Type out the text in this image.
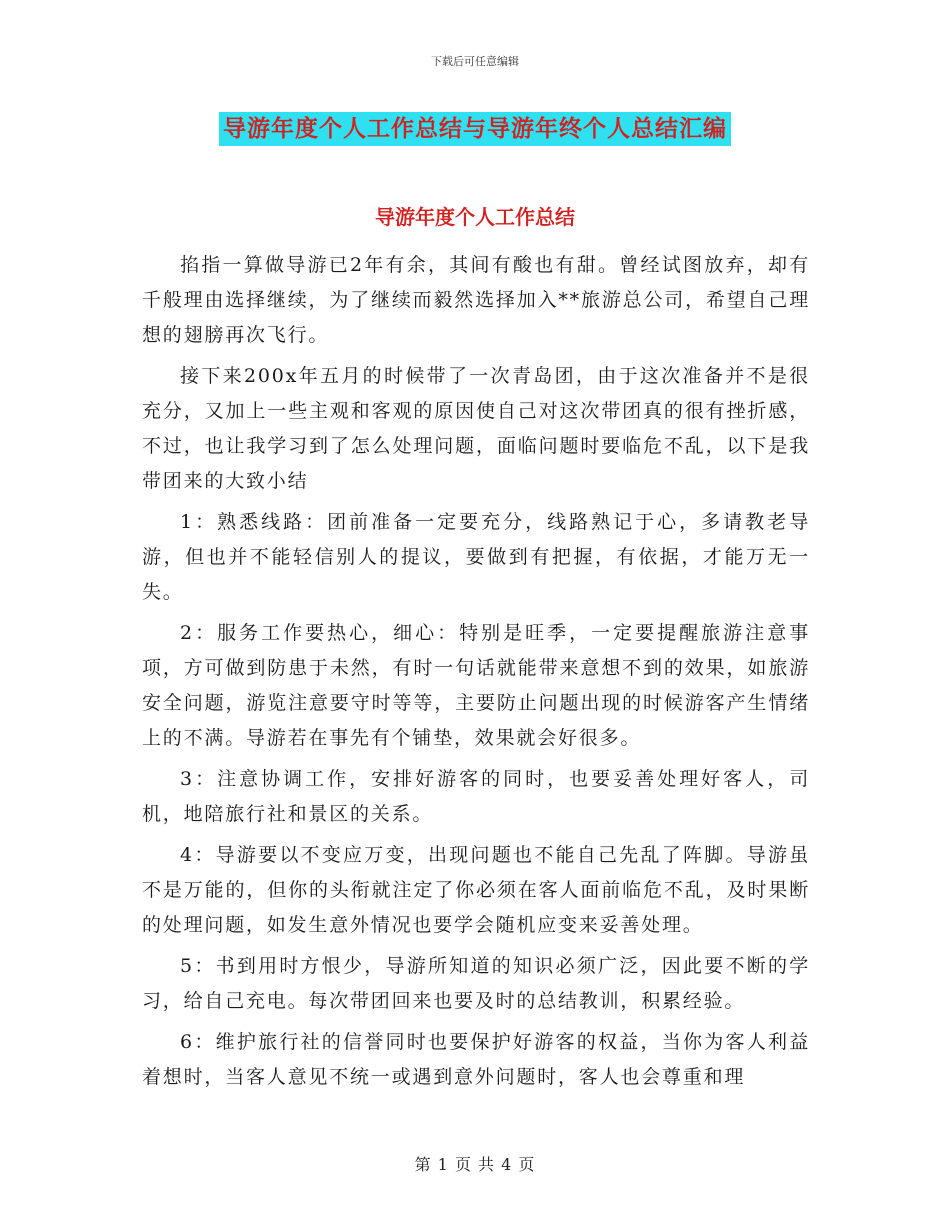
下载后可任意编辑
导游年度个人工作总结与导游年终个人总结汇编
导游年度个人工作总结

掐指一算做导游已2年有余，其间有酸也有甜。曾经试图放弃，却有千般理由选择继续，为了继续而毅然选择加入**旅游总公司，希望自己理想的翅膀再次飞行。

接下来200x年五月的时候带了一次青岛团，由于这次准备并不是很充分，又加上一些主观和客观的原因使自己对这次带团真的很有挫折感，不过，也让我学习到了怎么处理问题，面临问题时要临危不乱，以下是我带团来的大致小结

1：熟悉线路：团前准备一定要充分，线路熟记于心，多请教老导游，但也并不能轻信别人的提议，要做到有把握，有依据，才能万无一失。

2：服务工作要热心，细心：特别是旺季，一定要提醒旅游注意事项，方可做到防患于未然，有时一句话就能带来意想不到的效果，如旅游安全问题，游览注意要守时等等，主要防止问题出现的时候游客产生情绪上的不满。导游若在事先有个铺垫，效果就会好很多。

3：注意协调工作，安排好游客的同时，也要妥善处理好客人，司机，地陪旅行社和景区的关系。

4：导游要以不变应万变，出现问题也不能自己先乱了阵脚。导游虽不是万能的，但你的头衔就注定了你必须在客人面前临危不乱，及时果断的处理问题，如发生意外情况也要学会随机应变来妥善处理。

5：书到用时方恨少，导游所知道的知识必须广泛，因此要不断的学习，给自己充电。每次带团回来也要及时的总结教训，积累经验。

6：维护旅行社的信誉同时也要保护好游客的权益，当你为客人利益着想时，当客人意见不统一或遇到意外问题时，客人也会尊重和理

第 1 页 共 4 页
